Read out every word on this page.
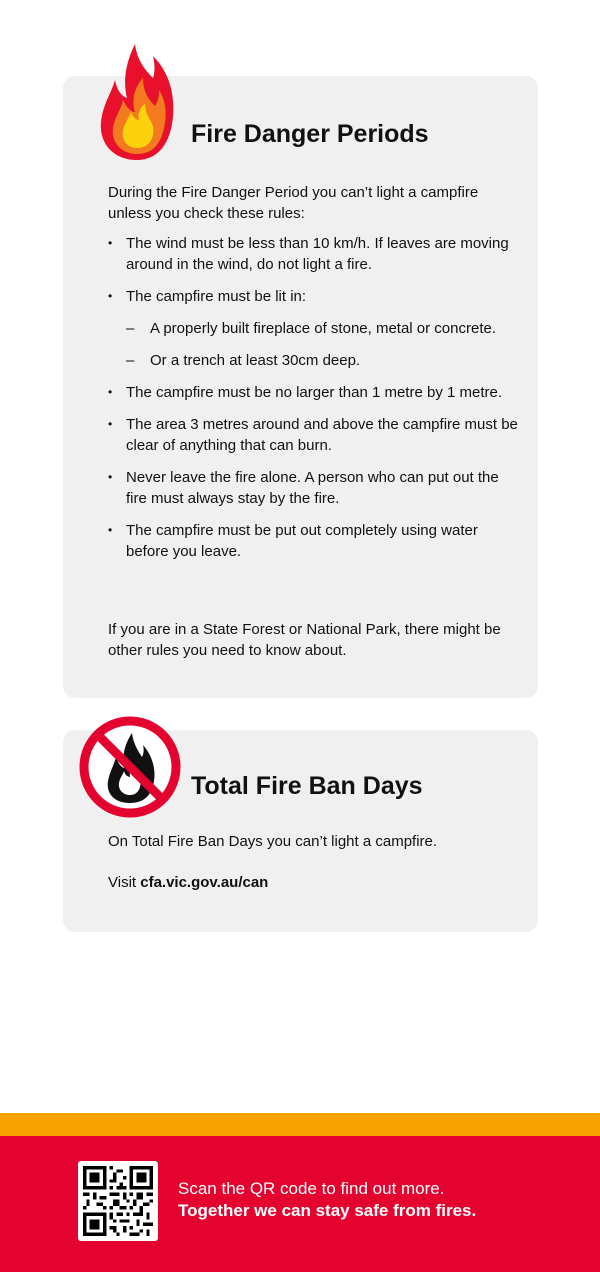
Fire Danger Periods

During the Fire Danger Period you can’t light a campfire unless you check these rules:

• The wind must be less than 10 km/h. If leaves are moving around in the wind, do not light a fire.
• The campfire must be lit in:
– A properly built fireplace of stone, metal or concrete.
– Or a trench at least 30cm deep.
• The campfire must be no larger than 1 metre by 1 metre.
• The area 3 metres around and above the campfire must be clear of anything that can burn.
• Never leave the fire alone. A person who can put out the fire must always stay by the fire.
• The campfire must be put out completely using water before you leave.

If you are in a State Forest or National Park, there might be other rules you need to know about.

Total Fire Ban Days

On Total Fire Ban Days you can’t light a campfire.

Visit cfa.vic.gov.au/can

Scan the QR code to find out more.
Together we can stay safe from fires.
